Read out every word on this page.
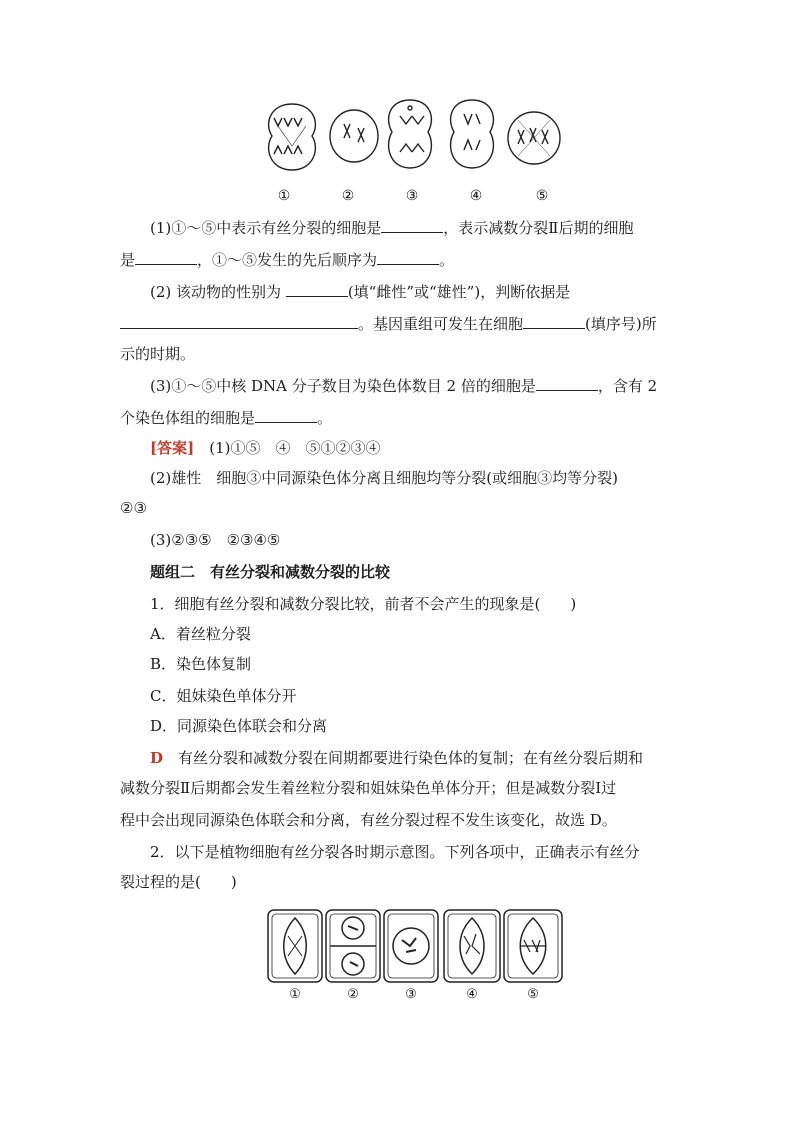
①	②	③	④	⑤
(1)①～⑤中表示有丝分裂的细胞是	，表示减数分裂Ⅱ后期的细胞
是	，①～⑤发生的先后顺序为	。
(2) 该动物的性别为	(填“雌性”或“雄性”)，判断依据是
。基因重组可发生在细胞	(填序号)所
示的时期。
(3)①～⑤中核 DNA 分子数目为染色体数目 2 倍的细胞是	，含有 2
个染色体组的细胞是	。
[答案]　 (1)①⑤　④　⑤①②③④
(2)雄性　细胞③中同源染色体分离且细胞均等分裂(或细胞③均等分裂)
②③
(3)②③⑤　②③④⑤
题组二　有丝分裂和减数分裂的比较
1．细胞有丝分裂和减数分裂比较，前者不会产生的现象是(　　)
A．着丝粒分裂
B．染色体复制
C．姐妹染色单体分开
D．同源染色体联会和分离
D　 有丝分裂和减数分裂在间期都要进行染色体的复制；在有丝分裂后期和
减数分裂Ⅱ后期都会发生着丝粒分裂和姐妹染色单体分开；但是减数分裂Ⅰ过
程中会出现同源染色体联会和分离，有丝分裂过程不发生该变化，故选 D。
2．以下是植物细胞有丝分裂各时期示意图。下列各项中，正确表示有丝分
裂过程的是(　　)
①	②	③	④	⑤
